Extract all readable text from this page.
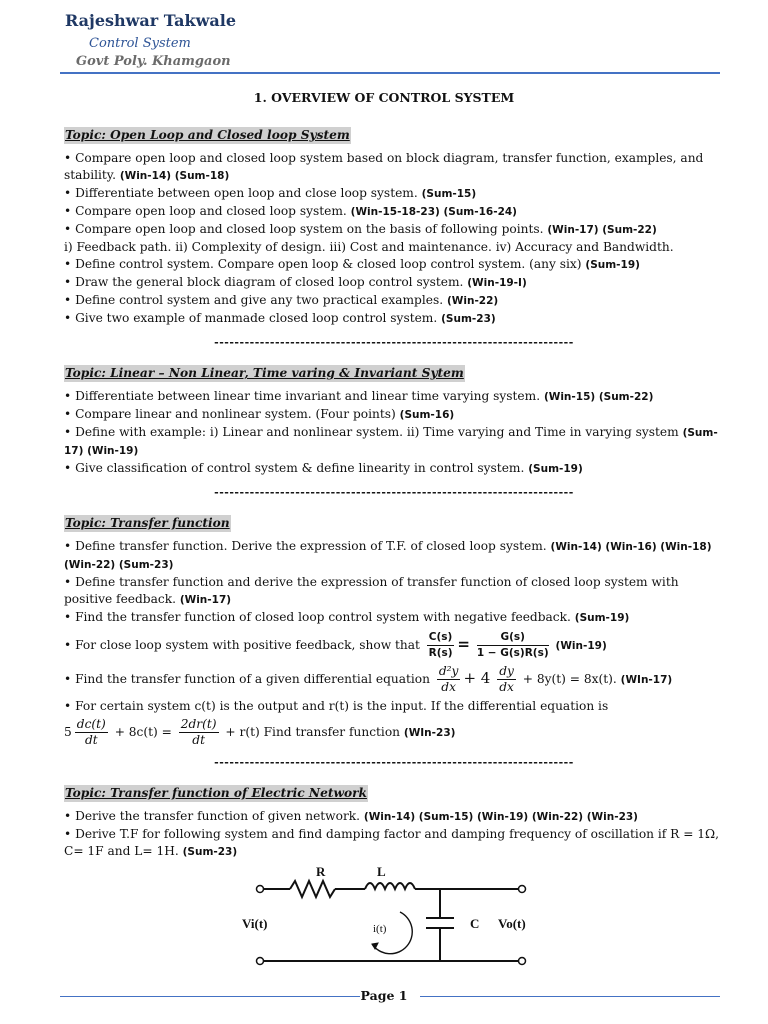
Rajeshwar Takwale
Control System
Govt Poly. Khamgaon
1. OVERVIEW OF CONTROL SYSTEM
Topic: Open Loop and Closed loop System

• Compare open loop and closed loop system based on block diagram, transfer function, examples, and stability. (Win-14) (Sum-18)

• Differentiate between open loop and close loop system. (Sum-15)

• Compare open loop and closed loop system. (Win-15-18-23) (Sum-16-24)

• Compare open loop and closed loop system on the basis of following points. (Win-17) (Sum-22)

i) Feedback path. ii) Complexity of design. iii) Cost and maintenance. iv) Accuracy and Bandwidth.

• Define control system. Compare open loop & closed loop control system. (any six) (Sum-19)

• Draw the general block diagram of closed loop control system. (Win-19-I)

• Define control system and give any two practical examples. (Win-22)

• Give two example of manmade closed loop control system. (Sum-23)

-----------------------------------------------------------------------
Topic: Linear – Non Linear, Time varing & Invariant Sytem

• Differentiate between linear time invariant and linear time varying system. (Win-15) (Sum-22)

• Compare linear and nonlinear system. (Four points) (Sum-16)

• Define with example: i) Linear and nonlinear system. ii) Time varying and Time in varying system (Sum-17) (Win-19)

• Give classification of control system & define linearity in control system. (Sum-19)

-----------------------------------------------------------------------
Topic: Transfer function

• Define transfer function. Derive the expression of T.F. of closed loop system. (Win-14) (Win-16) (Win-18) (Win-22) (Sum-23)

• Define transfer function and derive the expression of transfer function of closed loop system with positive feedback. (Win-17)

• Find the transfer function of closed loop control system with negative feedback. (Sum-19)

• For close loop system with positive feedback, show that $\frac{C(s)}{R(s)} = \frac{G(s)}{1 - G(s)R(s)} (Win-19)$

• Find the transfer function of a given differential equation $\frac{\text{d²y}}{dx} + 4 \frac{dy}{dx} + 8y(t) = 8x(t)$. (WIn-17)

• For certain system c(t) is the output and r(t) is the input. If the differential equation is

$5 \frac{dc(t)}{dt} + 8c(t) = \frac{2dr(t)}{dt} + r(t)$ Find transfer function (WIn-23)

-----------------------------------------------------------------------
Topic: Transfer function of Electric Network

• Derive the transfer function of given network. (Win-14) (Sum-15) (Win-19) (Win-22) (Win-23)

• Derive T.F for following system and find damping factor and damping frequency of oscillation if R = 1Ω, C= 1F and L= 1H. (Sum-23)

R	L
C
Vi(t)	Vo(t)
i(t)
Page 1
